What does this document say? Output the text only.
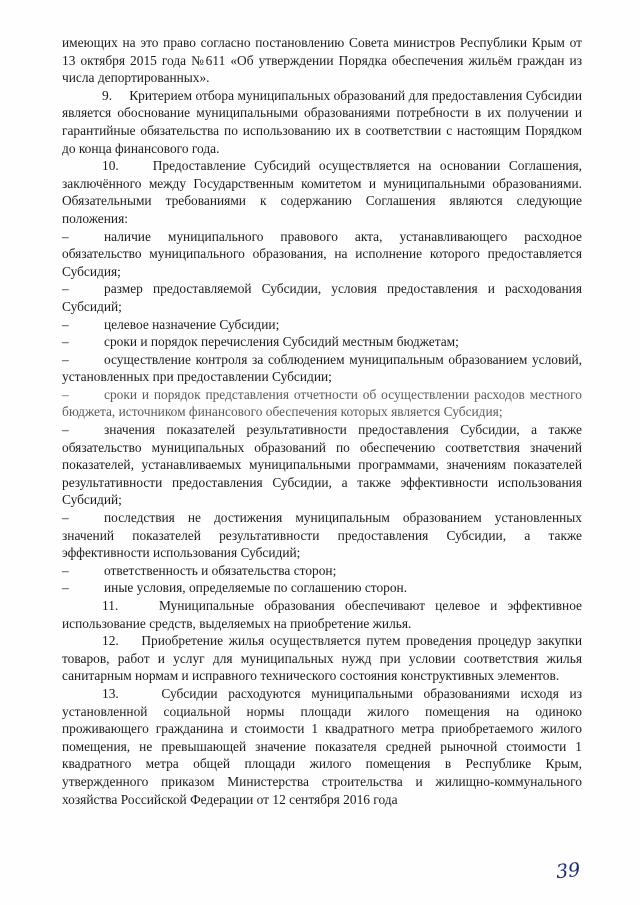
имеющих на это право согласно постановлению Совета министров Республики Крым от 13 октября 2015 года №611 «Об утверждении Порядка обеспечения жильём граждан из числа депортированных».
9.     Критерием отбора муниципальных образований для предоставления Субсидии является обоснование муниципальными образованиями потребности в их получении и гарантийные обязательства по использованию их в соответствии с настоящим Порядком до конца финансового года.
10.    Предоставление Субсидий осуществляется на основании Соглашения, заключённого между Государственным комитетом и муниципальными образованиями. Обязательными требованиями к содержанию Соглашения являются следующие положения:
–	наличие муниципального правового акта, устанавливающего расходное обязательство муниципального образования, на исполнение которого предоставляется Субсидия;
–	размер предоставляемой Субсидии, условия предоставления и расходования Субсидий;
–	целевое назначение Субсидии;
–	сроки и порядок перечисления Субсидий местным бюджетам;
–	осуществление контроля за соблюдением муниципальным образованием условий, установленных при предоставлении Субсидии;
–	сроки и порядок представления отчетности об осуществлении расходов местного бюджета, источником финансового обеспечения которых является Субсидия;
–	значения показателей результативности предоставления Субсидии, а также обязательство муниципальных образований по обеспечению соответствия значений показателей, устанавливаемых муниципальными программами, значениям показателей результативности предоставления Субсидии, а также эффективности использования Субсидий;
–	последствия не достижения муниципальным образованием установленных значений показателей результативности предоставления Субсидии, а также эффективности использования Субсидий;
–	ответственность и обязательства сторон;
–	иные условия, определяемые по соглашению сторон.
11.    Муниципальные образования обеспечивают целевое и эффективное использование средств, выделяемых на приобретение жилья.
12.    Приобретение жилья осуществляется путем проведения процедур закупки товаров, работ и услуг для муниципальных нужд при условии соответствия жилья санитарным нормам и исправного технического состояния конструктивных элементов.
13.    Субсидии расходуются муниципальными образованиями исходя из установленной социальной нормы площади жилого помещения на одиноко проживающего гражданина и стоимости 1 квадратного метра приобретаемого жилого помещения, не превышающей значение показателя средней рыночной стоимости 1 квадратного метра общей площади жилого помещения в Республике Крым, утвержденного приказом Министерства строительства и жилищно-коммунального хозяйства Российской Федерации от 12 сентября 2016 года
39
